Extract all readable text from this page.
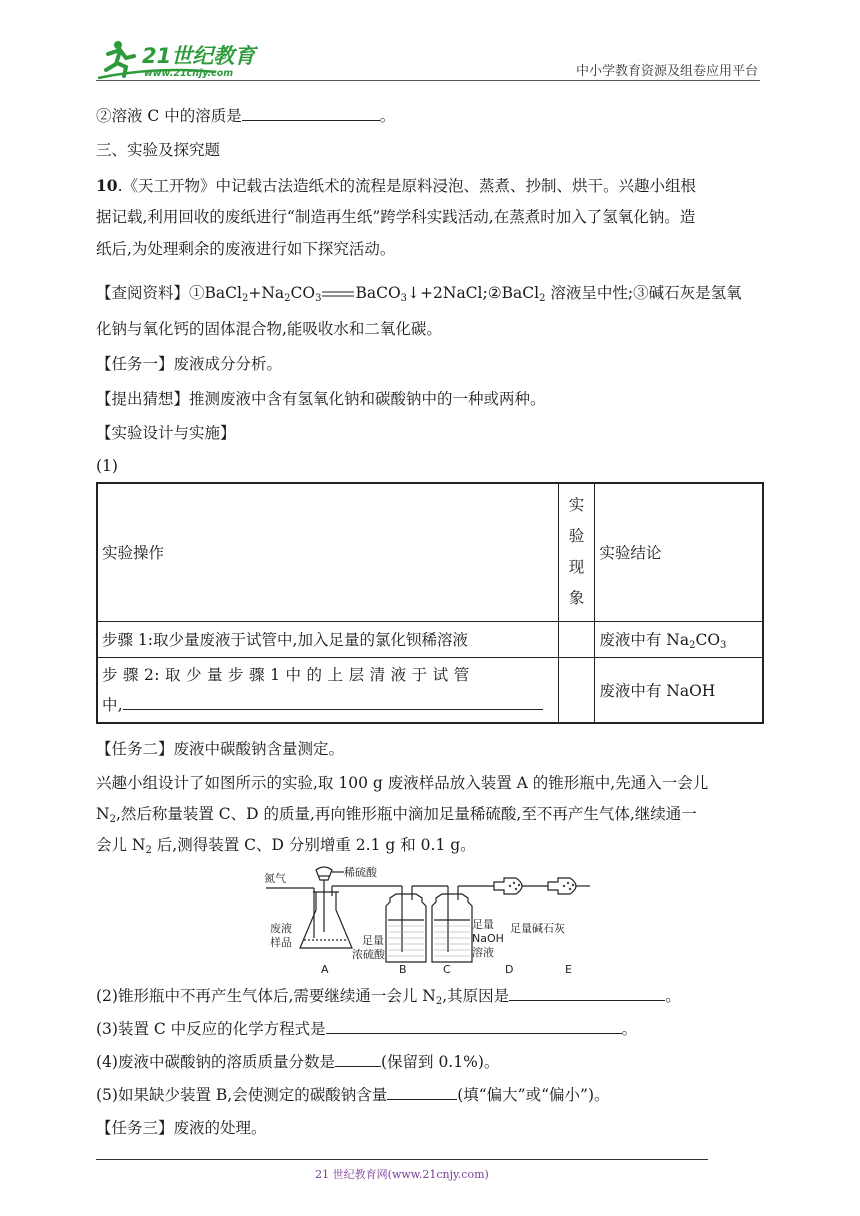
21世纪教育
www.21cnjy.com	中小学教育资源及组卷应用平台
②溶液 C 中的溶质是	。
三、实验及探究题
10.《天工开物》中记载古法造纸术的流程是原料浸泡、蒸煮、抄制、烘干。兴趣小组根
据记载,利用回收的废纸进行“制造再生纸”跨学科实践活动,在蒸煮时加入了氢氧化钠。造
纸后,为处理剩余的废液进行如下探究活动。
【查阅资料】$①BaCl_2+Na_2CO_3$ BaCO$_3$↓+2NaCl;②BaCl$_2$ 溶液呈中性;③碱石灰是氢氧
化钠与氧化钙的固体混合物,能吸收水和二氧化碳。
【任务一】废液成分分析。
【提出猜想】推测废液中含有氢氧化钠和碳酸钠中的一种或两种。
【实验设计与实施】
(1)
实验操作	实
验
现
象	实验结论
步骤 1:取少量废液于试管中,加入足量的氯化钡稀溶液		废液中有 $Na_2CO_3$

步 骤 2: 取 少 量 步 骤 1 中 的 上 层 清 液 于 试 管
中,		废液中有 NaOH
【任务二】废液中碳酸钠含量测定。
兴趣小组设计了如图所示的实验,取 100 g 废液样品放入装置 A 的锥形瓶中,先通入一会儿
$N_2$,然后称量装置 C、D 的质量,再向锥形瓶中滴加足量稀硫酸,至不再产生气体,继续通一
会儿 $N_2$ 后,测得装置 C、D 分别增重 2.1 g 和 0.1 g。
氮气	稀硫酸
废液
样品	足量
浓硫酸
足量
NaOH
溶液
足量碱石灰
A	B	C	D	E
(2)锥形瓶中不再产生气体后,需要继续通一会儿 $N_2$,其原因是	。
(3)装置 C 中反应的化学方程式是	。
(4)废液中碳酸钠的溶质质量分数是	(保留到 0.1%)。
(5)如果缺少装置 B,会使测定的碳酸钠含量	(填“偏大”或“偏小”)。
【任务三】废液的处理。
21 世纪教育网(www.21cnjy.com)
